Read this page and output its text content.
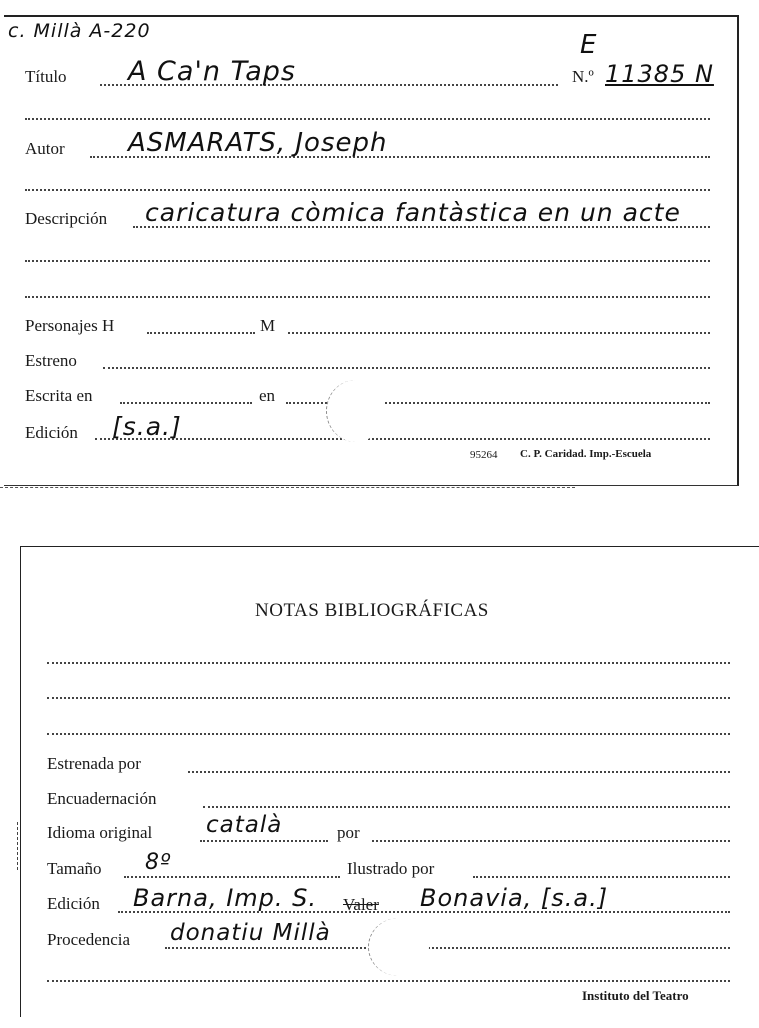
c. Millà A-220	E
Título A Ca'n Taps	N.º 11385 N
Autor ASMARATS, Joseph
Descripción caricatura còmica fantàstica en un acte
Personajes H	M
Estreno
Escrita en	en
Edición [s.a.]
95264 C. P. Caridad. Imp.-Escuela
NOTAS BIBLIOGRÁFICAS
Estrenada por
Encuadernación
Idioma original català	por
Tamaño 8º	Ilustrado por
Edición Barna, Imp. S. Valer Bonavia, [s.a.]
Procedencia donatiu Millà
Instituto del Teatro
